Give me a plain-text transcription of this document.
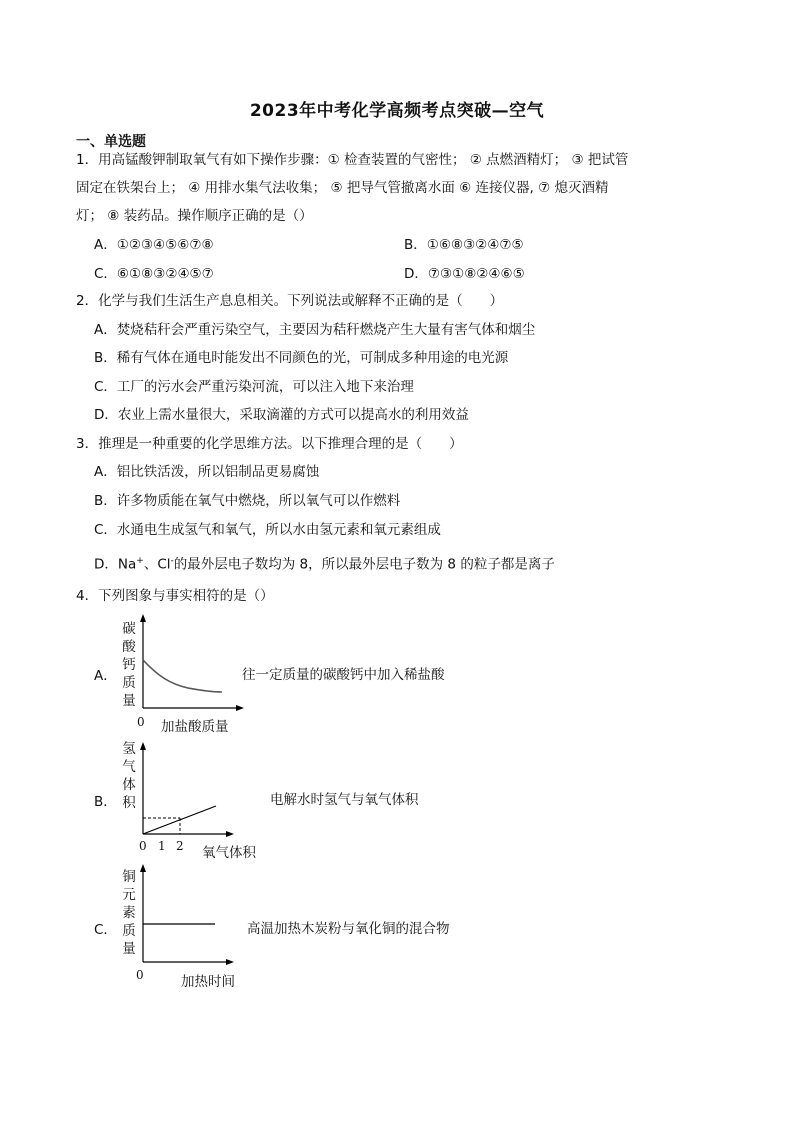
2023年中考化学高频考点突破—空气
一、单选题
1．用高锰酸钾制取氧气有如下操作步骤：① 检查装置的气密性； ② 点燃酒精灯； ③ 把试管
固定在铁架台上； ④ 用排水集气法收集； ⑤ 把导气管撤离水面 ⑥ 连接仪器, ⑦ 熄灭酒精
灯； ⑧ 装药品。操作顺序正确的是（）
A．①②③④⑤⑥⑦⑧	B．①⑥⑧③②④⑦⑤
C．⑥①⑧③②④⑤⑦	D．⑦③①⑧②④⑥⑤
2．化学与我们生活生产息息相关。下列说法或解释不正确的是（　　）
A．焚烧秸秆会严重污染空气，主要因为秸秆燃烧产生大量有害气体和烟尘
B．稀有气体在通电时能发出不同颜色的光，可制成多种用途的电光源
C．工厂的污水会严重污染河流，可以注入地下来治理
D．农业上需水量很大，采取滴灌的方式可以提高水的利用效益
3．推理是一种重要的化学思维方法。以下推理合理的是（　　）
A．铝比铁活泼，所以铝制品更易腐蚀
B．许多物质能在氧气中燃烧，所以氧气可以作燃料
C．水通电生成氢气和氧气，所以水由氢元素和氧元素组成
D．Na+、Cl-的最外层电子数均为 8，所以最外层电子数为 8 的粒子都是离子
4．下列图象与事实相符的是（）
A．
碳
酸
钙
质
量
0 加盐酸质量
往一定质量的碳酸钙中加入稀盐酸
B．
氢
气
体
积
0 1 2 氧气体积
电解水时氢气与氧气体积
C．
铜
元
素
质
量
0	加热时间
高温加热木炭粉与氧化铜的混合物
